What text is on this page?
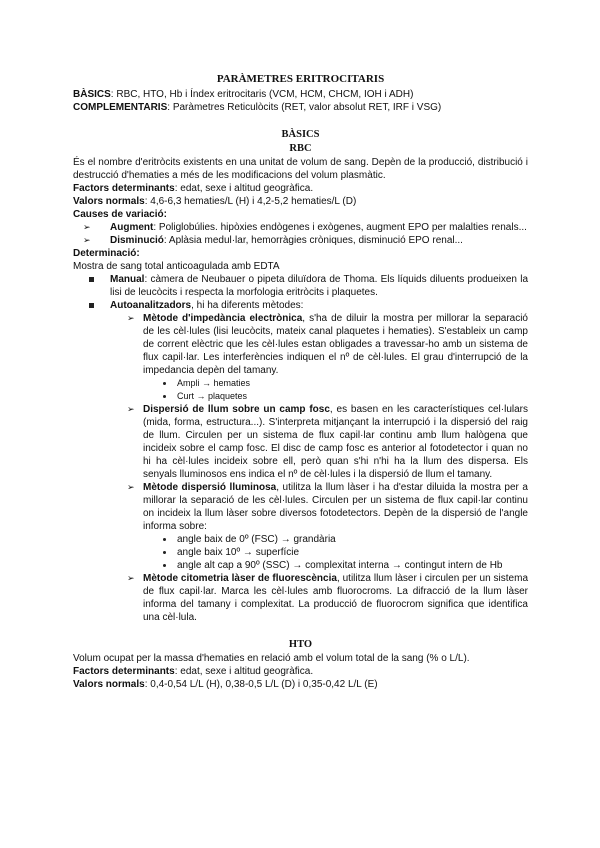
PARÀMETRES ERITROCITARIS

BÀSICS: RBC, HTO, Hb i Índex eritrocitaris (VCM, HCM, CHCM, IOH i ADH)

COMPLEMENTARIS: Paràmetres Reticulòcits (RET, valor absolut RET, IRF i VSG)

BÀSICS
RBC

És el nombre d'eritròcits existents en una unitat de volum de sang. Depèn de la producció, distribució i destrucció d'hematies a més de les modificacions del volum plasmàtic.

Factors determinants: edat, sexe i altitud geogràfica.

Valors normals: 4,6-6,3 hematies/L (H) i 4,2-5,2 hematies/L (D)

Causes de variació:

➢ Augment: Poliglobúlies. hipòxies endògenes i exògenes, augment EPO per malalties renals...
➢ Disminució: Aplàsia medul·lar, hemorràgies cròniques, disminució EPO renal...

Determinació:

Mostra de sang total anticoagulada amb EDTA

Manual: càmera de Neubauer o pipeta diluïdora de Thoma. Els líquids diluents produeixen la lisi de leucòcits i respecta la morfologia eritròcits i plaquetes.
Autoanalitzadors, hi ha diferents mètodes:
➢ Mètode d'impedància electrònica, s'ha de diluir la mostra per millorar la separació de les cèl·lules (lisi leucòcits, mateix canal plaquetes i hematies). S'estableix un camp de corrent elèctric que les cèl·lules estan obligades a travessar-ho amb un sistema de flux capil·lar. Les interferències indiquen el nº de cèl·lules. El grau d'interrupció de la impedancia depèn del tamany.
Ampli → hematies
Curt → plaquetes
➢ Dispersió de llum sobre un camp fosc, es basen en les característiques cel·lulars (mida, forma, estructura...). S'interpreta mitjançant la interrupció i la dispersió del raig de llum. Circulen per un sistema de flux capil·lar continu amb llum halògena que incideix sobre el camp fosc. El disc de camp fosc es anterior al fotodetector i quan no hi ha cèl·lules incideix sobre ell, però quan s'hi n'hi ha la llum des dispersa. Els senyals lluminosos ens indica el nº de cèl·lules i la dispersió de llum el tamany.
➢ Mètode dispersió lluminosa, utilitza la llum làser i ha d'estar diluida la mostra per a millorar la separació de les cèl·lules. Circulen per un sistema de flux capil·lar continu on incideix la llum làser sobre diversos fotodetectors. Depèn de la dispersió de l'angle informa sobre:
angle baix de 0º (FSC) → grandària
angle baix 10º → superfície
angle alt cap a 90º (SSC) → complexitat interna → contingut intern de Hb
➢ Mètode citometria làser de fluorescència, utilitza llum làser i circulen per un sistema de flux capil·lar. Marca les cèl·lules amb fluorocroms. La difracció de la llum làser informa del tamany i complexitat. La producció de fluorocrom significa que identifica una cèl·lula.
HTO

Volum ocupat per la massa d'hematies en relació amb el volum total de la sang (% o L/L).

Factors determinants: edat, sexe i altitud geogràfica.

Valors normals: 0,4-0,54 L/L (H), 0,38-0,5 L/L (D) i 0,35-0,42 L/L (E)
